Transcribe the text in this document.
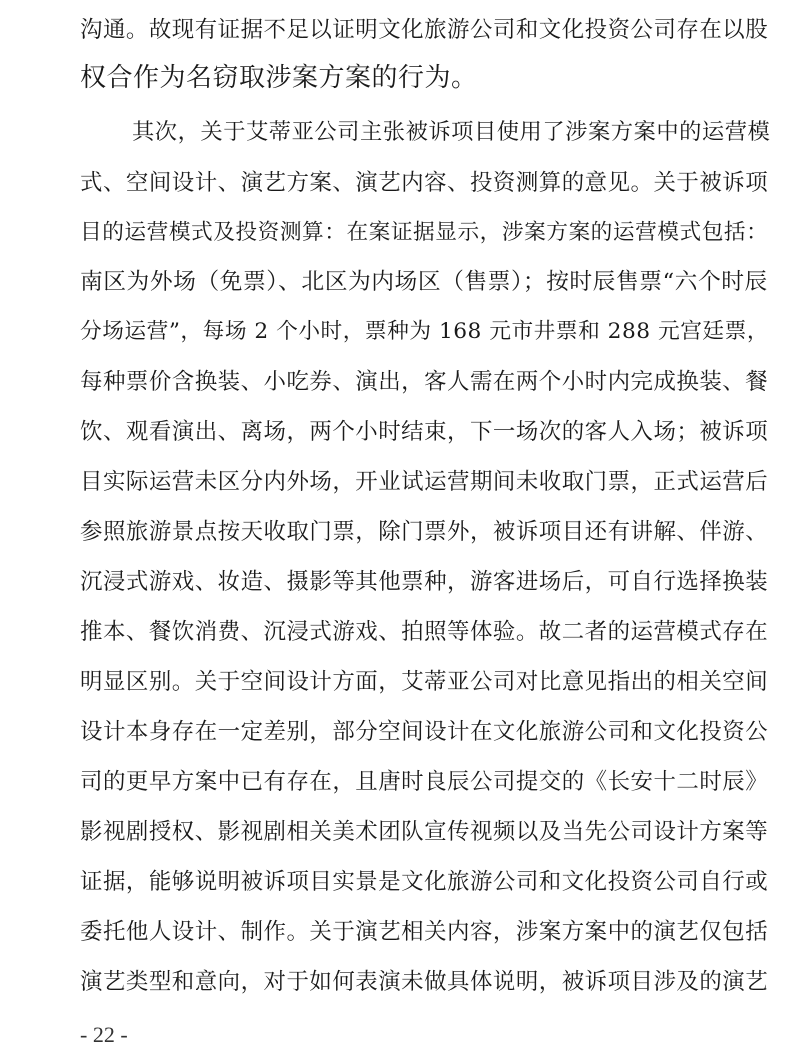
沟通。故现有证据不足以证明文化旅游公司和文化投资公司存在以股
权合作为名窃取涉案方案的行为。
其次，关于艾蒂亚公司主张被诉项目使用了涉案方案中的运营模
式、空间设计、演艺方案、演艺内容、投资测算的意见。关于被诉项
目的运营模式及投资测算：在案证据显示，涉案方案的运营模式包括：
南区为外场（免票）、北区为内场区（售票）；按时辰售票“六个时辰
分场运营”，每场 2 个小时，票种为 168 元市井票和 288 元宫廷票，
每种票价含换装、小吃券、演出，客人需在两个小时内完成换装、餐
饮、观看演出、离场，两个小时结束，下一场次的客人入场；被诉项
目实际运营未区分内外场，开业试运营期间未收取门票，正式运营后
参照旅游景点按天收取门票，除门票外，被诉项目还有讲解、伴游、
沉浸式游戏、妆造、摄影等其他票种，游客进场后，可自行选择换装
推本、餐饮消费、沉浸式游戏、拍照等体验。故二者的运营模式存在
明显区别。关于空间设计方面，艾蒂亚公司对比意见指出的相关空间
设计本身存在一定差别，部分空间设计在文化旅游公司和文化投资公
司的更早方案中已有存在，且唐时良辰公司提交的《长安十二时辰》
影视剧授权、影视剧相关美术团队宣传视频以及当先公司设计方案等
证据，能够说明被诉项目实景是文化旅游公司和文化投资公司自行或
委托他人设计、制作。关于演艺相关内容，涉案方案中的演艺仅包括
演艺类型和意向，对于如何表演未做具体说明，被诉项目涉及的演艺
- 22 -
